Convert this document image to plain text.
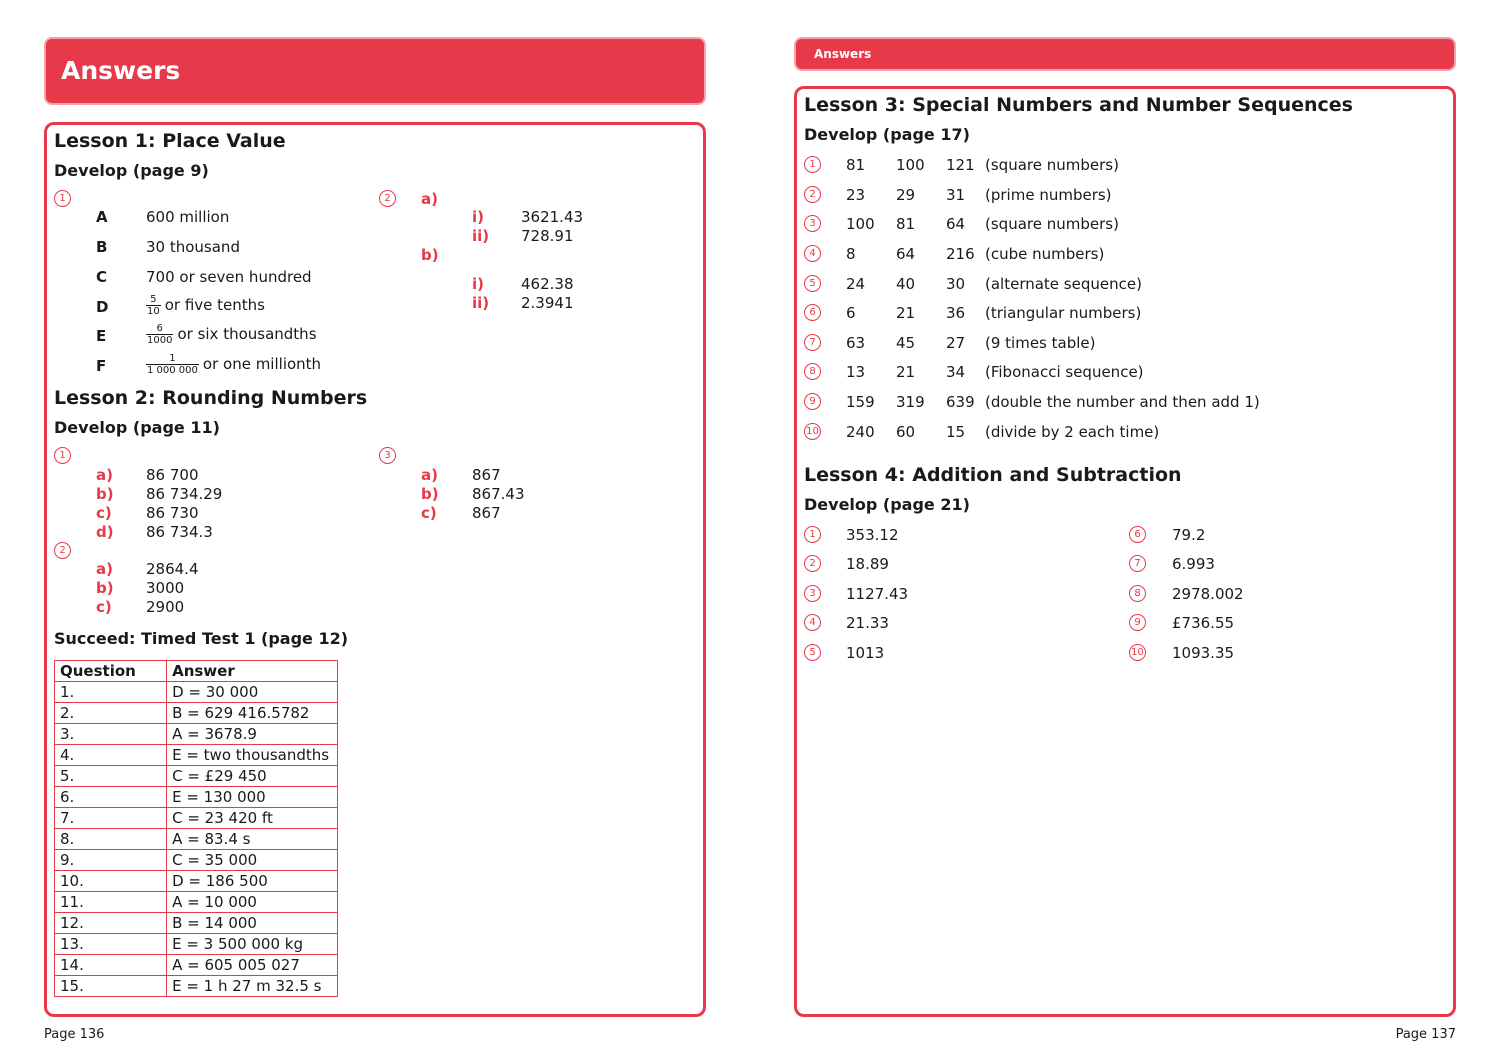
Answers
Lesson 1: Place Value
Develop (page 9)
1
A	600 million
B	30 thousand
C	700 or seven hundred
D	$\frac{5}{10}$ or five tenths
E	$\frac{6}{1000}$ or six thousandths
F	$\frac{1}{1 000 000}$ or one millionth
2	a)
i) 3621.43
ii) 728.91
b)
i) 462.38
ii) 2.3941
Lesson 2: Rounding Numbers
Develop (page 11)
1
a) 86 700
b) 86 734.29
c) 86 730
d) 86 734.3
2
a) 2864.4
b) 3000
c) 2900
3
a) 867
b) 867.43
c) 867
Succeed: Timed Test 1 (page 12)
Question	Answer
1.	D = 30 000
2.	B = 629 416.5782
3.	A = 3678.9
4.	E = two thousandths
5.	C = £29 450
6.	E = 130 000
7.	C = 23 420 ft
8.	A = 83.4 s
9.	C = 35 000
10.	D = 186 500
11.	A = 10 000
12.	B = 14 000
13.	E = 3 500 000 kg
14.	A = 605 005 027
15.	E = 1 h 27 m 32.5 s
Page 136
Answers
Lesson 3: Special Numbers and Number Sequences
Develop (page 17)
1	81 100 121 (square numbers)
2	23 29 31 (prime numbers)
3	100 81 64 (square numbers)
4	8	64 216 (cube numbers)
5	24 40 30 (alternate sequence)
6	6	21 36 (triangular numbers)
7	63 45 27 (9 times table)
8	13 21 34 (Fibonacci sequence)
9	159 319 639 (double the number and then add 1)
10 240 60 15 (divide by 2 each time)
Lesson 4: Addition and Subtraction
Develop (page 21)
1	353.12
2	18.89
3	1127.43
4	21.33
5	1013
6	79.2
7	6.993
8	2978.002
9	£736.55
10 1093.35
Page 137
